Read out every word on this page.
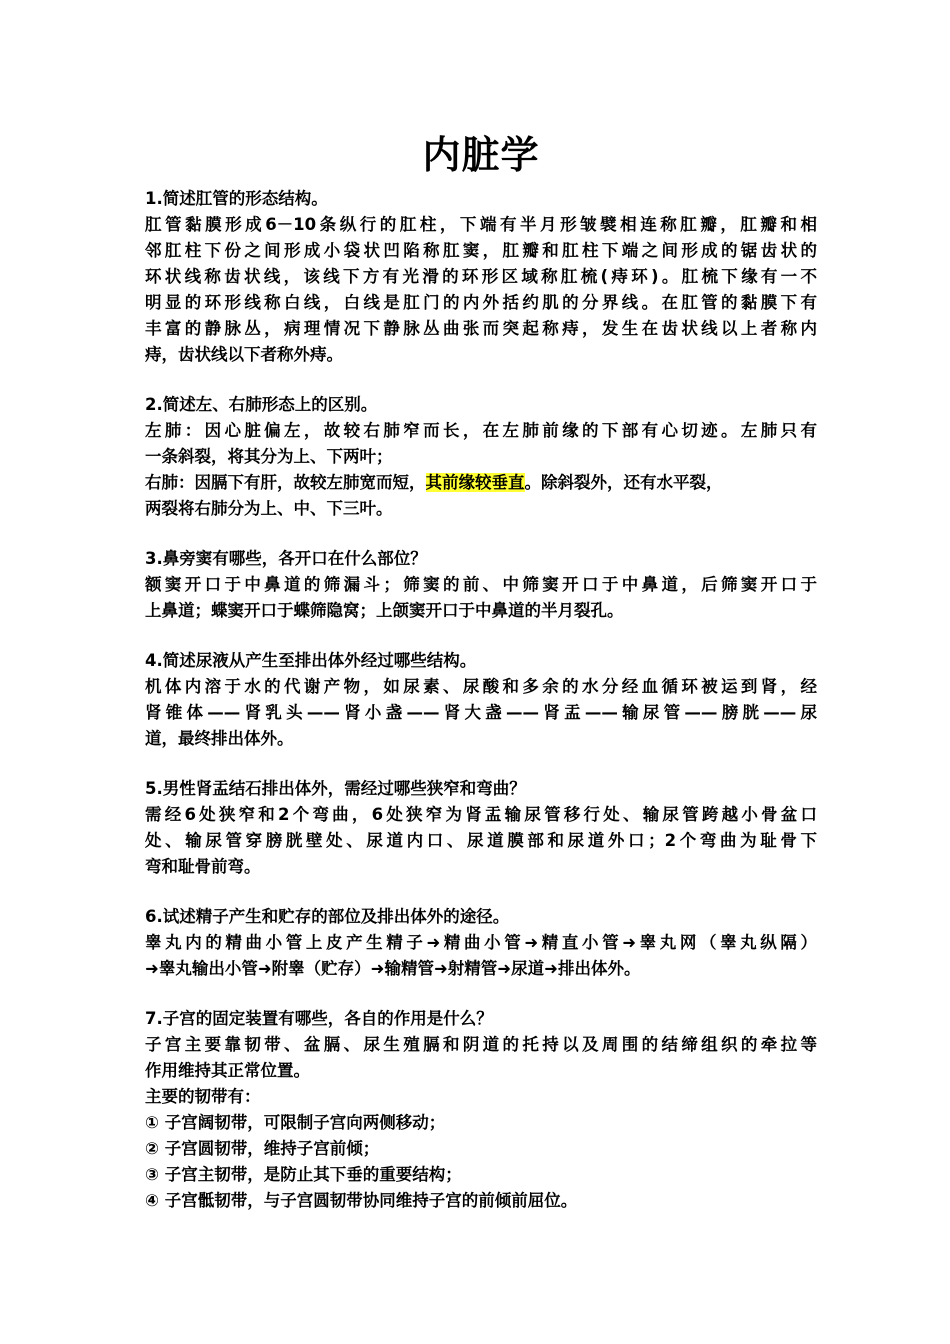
内脏学
1.简述肛管的形态结构。
肛管黏膜形成6－10条纵行的肛柱，下端有半月形皱襞相连称肛瓣，肛瓣和相
邻肛柱下份之间形成小袋状凹陷称肛窦，肛瓣和肛柱下端之间形成的锯齿状的
环状线称齿状线，该线下方有光滑的环形区域称肛梳(痔环)。肛梳下缘有一不
明显的环形线称白线，白线是肛门的内外括约肌的分界线。在肛管的黏膜下有
丰富的静脉丛，病理情况下静脉丛曲张而突起称痔，发生在齿状线以上者称内
痔，齿状线以下者称外痔。
2.简述左、右肺形态上的区别。
左肺：因心脏偏左，故较右肺窄而长，在左肺前缘的下部有心切迹。左肺只有
一条斜裂，将其分为上、下两叶；
右肺：因膈下有肝，故较左肺宽而短，其前缘较垂直。除斜裂外，还有水平裂，
两裂将右肺分为上、中、下三叶。
3.鼻旁窦有哪些，各开口在什么部位？
额窦开口于中鼻道的筛漏斗；筛窦的前、中筛窦开口于中鼻道，后筛窦开口于
上鼻道；蝶窦开口于蝶筛隐窝；上颌窦开口于中鼻道的半月裂孔。
4.简述尿液从产生至排出体外经过哪些结构。
机体内溶于水的代谢产物，如尿素、尿酸和多余的水分经血循环被运到肾，经
肾锥体——肾乳头——肾小盏——肾大盏——肾盂——输尿管——膀胱——尿
道，最终排出体外。
5.男性肾盂结石排出体外，需经过哪些狭窄和弯曲？
需经6处狭窄和2个弯曲，6处狭窄为肾盂输尿管移行处、输尿管跨越小骨盆口
处、输尿管穿膀胱壁处、尿道内口、尿道膜部和尿道外口；2个弯曲为耻骨下
弯和耻骨前弯。
6.试述精子产生和贮存的部位及排出体外的途径。
睾丸内的精曲小管上皮产生精子➜精曲小管➜精直小管➜睾丸网（睾丸纵隔）
➜睾丸输出小管➜附睾（贮存）➜输精管➜射精管➜尿道➜排出体外。
7.子宫的固定装置有哪些，各自的作用是什么？
子宫主要靠韧带、盆膈、尿生殖膈和阴道的托持以及周围的结缔组织的牵拉等
作用维持其正常位置。
主要的韧带有：
① 子宫阔韧带，可限制子宫向两侧移动；
② 子宫圆韧带，维持子宫前倾；
③ 子宫主韧带，是防止其下垂的重要结构；
④ 子宫骶韧带，与子宫圆韧带协同维持子宫的前倾前屈位。
